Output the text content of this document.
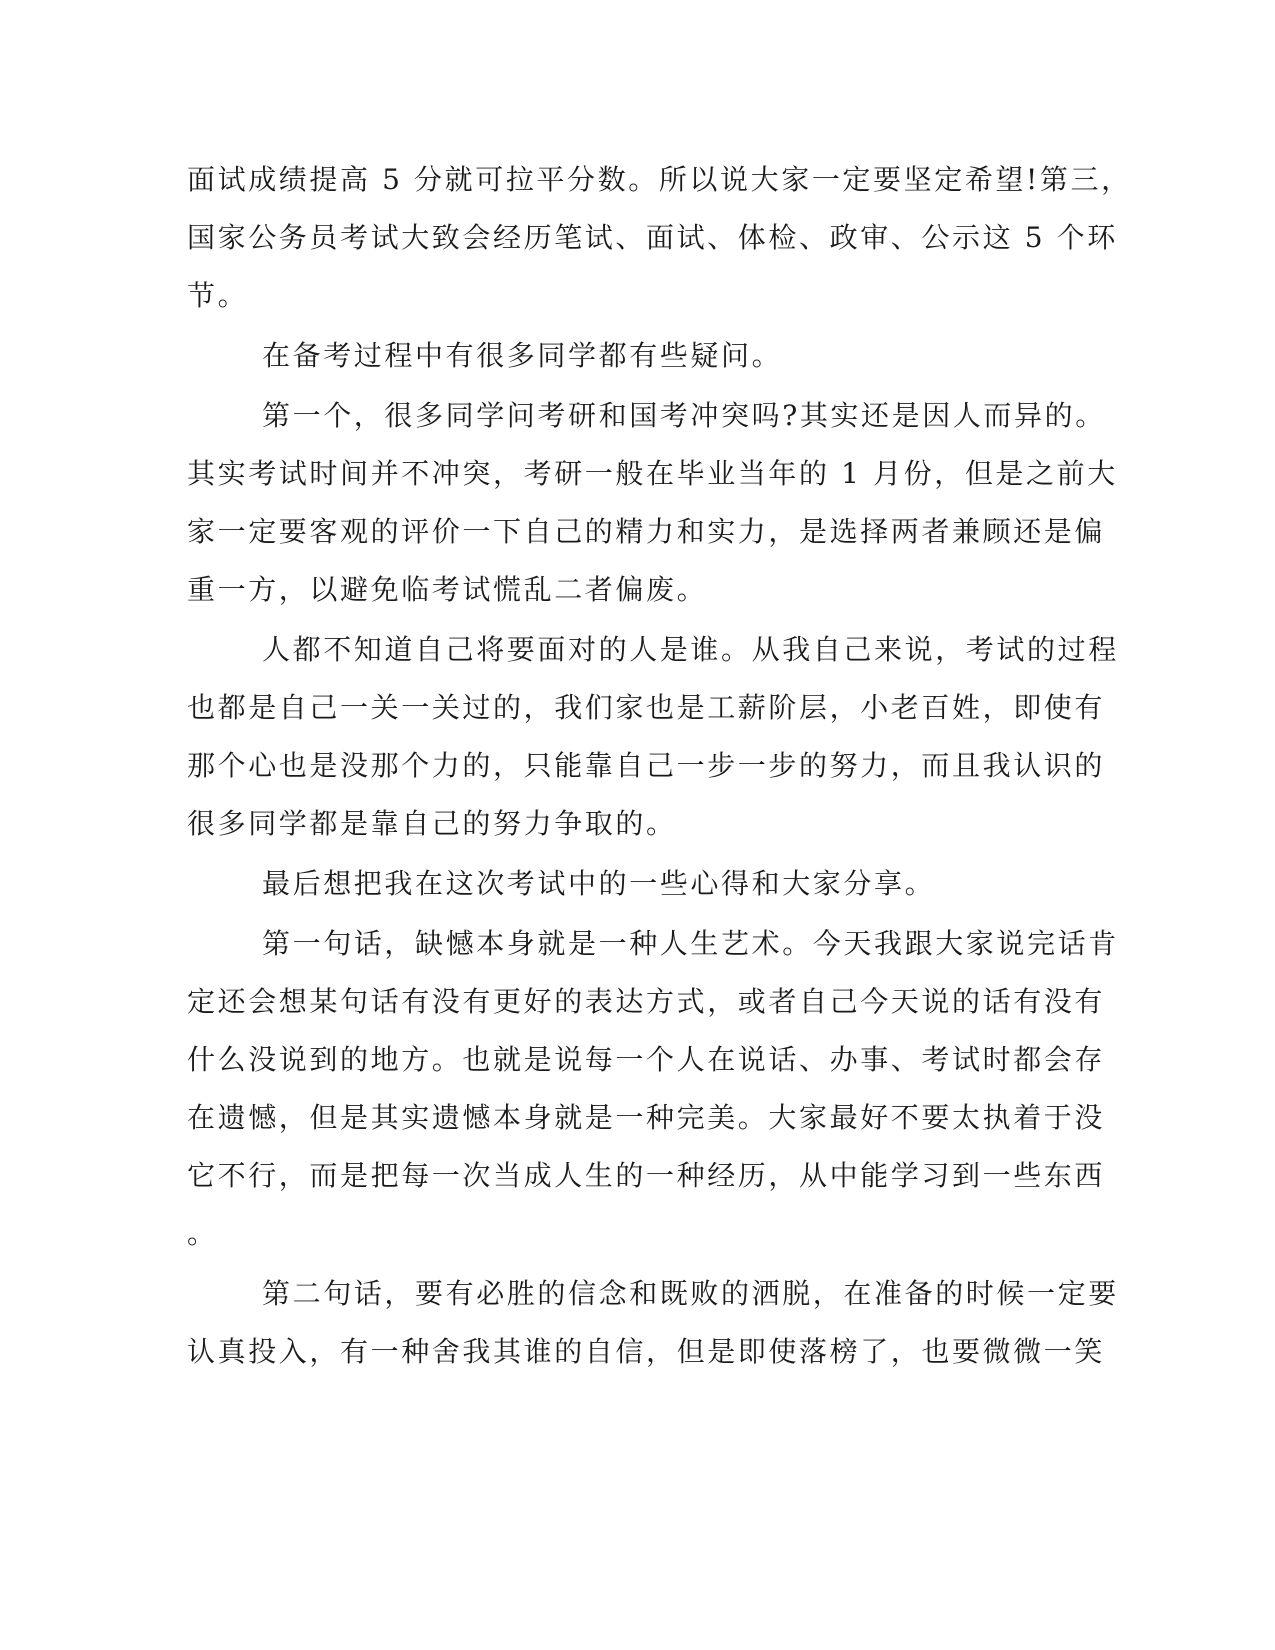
面试成绩提高 5 分就可拉平分数。所以说大家一定要坚定希望!第三，
国家公务员考试大致会经历笔试、面试、体检、政审、公示这 5 个环
节。
在备考过程中有很多同学都有些疑问。
第一个，很多同学问考研和国考冲突吗?其实还是因人而异的。
其实考试时间并不冲突，考研一般在毕业当年的 1 月份，但是之前大
家一定要客观的评价一下自己的精力和实力，是选择两者兼顾还是偏
重一方，以避免临考试慌乱二者偏废。
人都不知道自己将要面对的人是谁。从我自己来说，考试的过程
也都是自己一关一关过的，我们家也是工薪阶层，小老百姓，即使有
那个心也是没那个力的，只能靠自己一步一步的努力，而且我认识的
很多同学都是靠自己的努力争取的。
最后想把我在这次考试中的一些心得和大家分享。
第一句话，缺憾本身就是一种人生艺术。今天我跟大家说完话肯
定还会想某句话有没有更好的表达方式，或者自己今天说的话有没有
什么没说到的地方。也就是说每一个人在说话、办事、考试时都会存
在遗憾，但是其实遗憾本身就是一种完美。大家最好不要太执着于没
它不行，而是把每一次当成人生的一种经历，从中能学习到一些东西
。
第二句话，要有必胜的信念和既败的洒脱，在准备的时候一定要
认真投入，有一种舍我其谁的自信，但是即使落榜了，也要微微一笑
